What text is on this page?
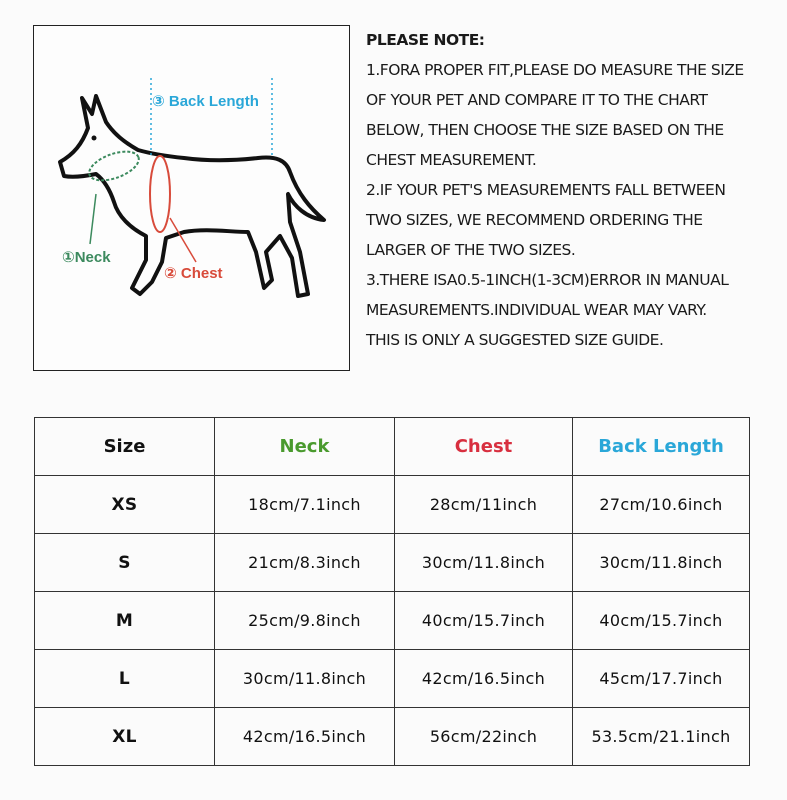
③ Back Length
①Neck
② Chest
PLEASE NOTE:
1.FORA PROPER FIT,PLEASE DO MEASURE THE SIZE
OF YOUR PET AND COMPARE IT TO THE CHART
BELOW, THEN CHOOSE THE SIZE BASED ON THE
CHEST MEASUREMENT.
2.IF YOUR PET'S MEASUREMENTS FALL BETWEEN
TWO SIZES, WE RECOMMEND ORDERING THE
LARGER OF THE TWO SIZES.
3.THERE ISA0.5-1INCH(1-3CM)ERROR IN MANUAL
MEASUREMENTS.INDIVIDUAL WEAR MAY VARY.
THIS IS ONLY A SUGGESTED SIZE GUIDE.
Size	Neck	Chest	Back Length
XS	18cm/7.1inch	28cm/11inch	27cm/10.6inch
S	21cm/8.3inch	30cm/11.8inch	30cm/11.8inch
M	25cm/9.8inch	40cm/15.7inch	40cm/15.7inch
L	30cm/11.8inch	42cm/16.5inch	45cm/17.7inch
XL	42cm/16.5inch	56cm/22inch	53.5cm/21.1inch
